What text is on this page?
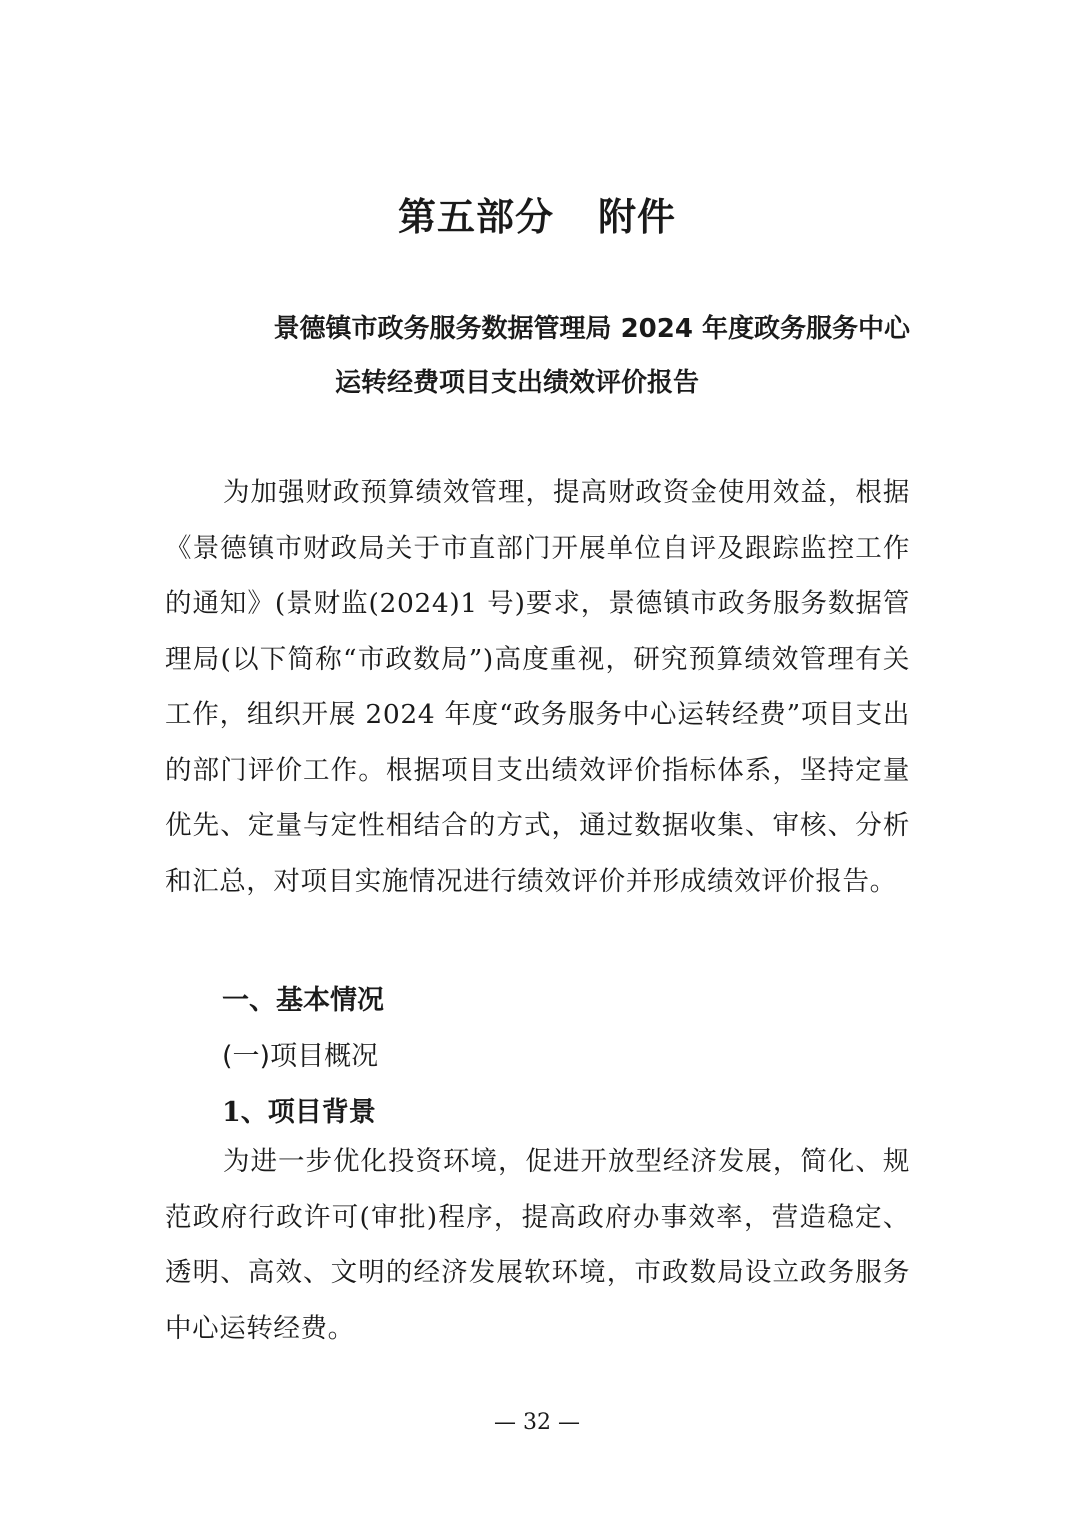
第五部分 附件
景德镇市政务服务数据管理局 2024 年度政务服务中心
运转经费项目支出绩效评价报告
为加强财政预算绩效管理，提高财政资金使用效益，根据《景德镇市财政局关于市直部门开展单位自评及跟踪监控工作的通知》(景财监(2024)1 号)要求，景德镇市政务服务数据管理局(以下简称“市政数局”)高度重视，研究预算绩效管理有关工作，组织开展 2024 年度“政务服务中心运转经费”项目支出的部门评价工作。根据项目支出绩效评价指标体系，坚持定量优先、定量与定性相结合的方式，通过数据收集、审核、分析和汇总，对项目实施情况进行绩效评价并形成绩效评价报告。
一、基本情况
(一)项目概况
1、项目背景
为进一步优化投资环境，促进开放型经济发展，简化、规范政府行政许可(审批)程序，提高政府办事效率，营造稳定、透明、高效、文明的经济发展软环境，市政数局设立政务服务中心运转经费。
— 32 —
